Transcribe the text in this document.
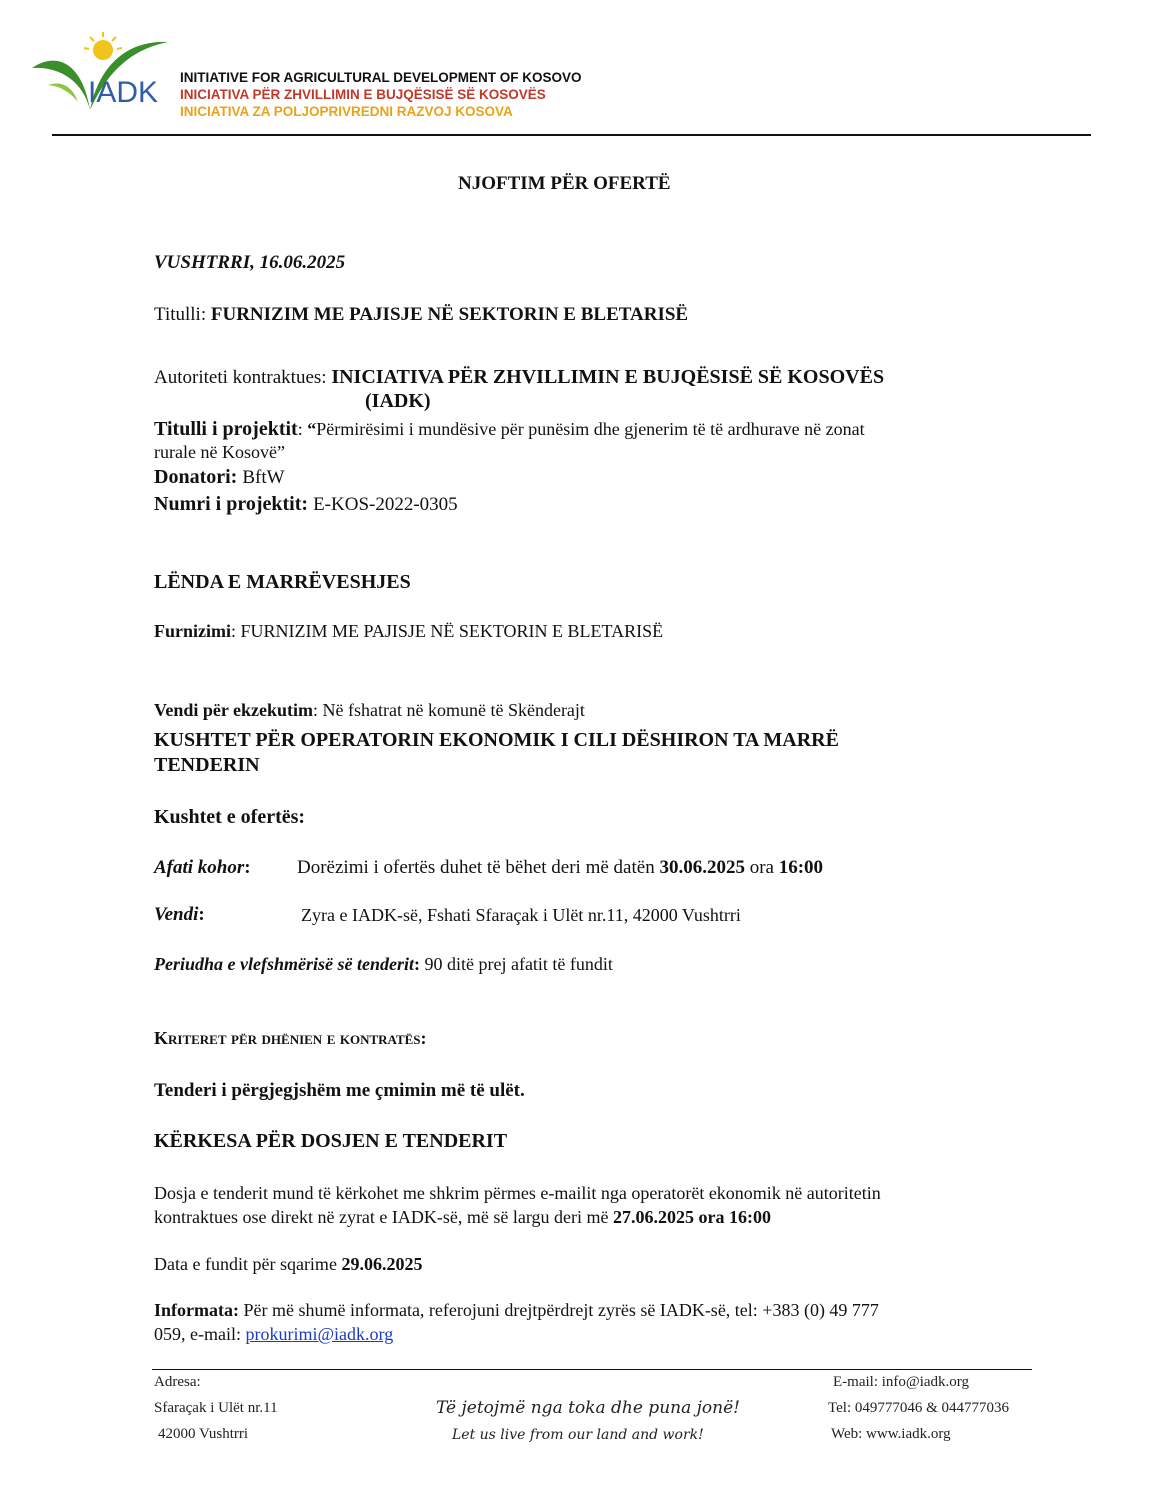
IADK INITIATIVE FOR AGRICULTURAL DEVELOPMENT OF KOSOVO
INICIATIVA PËR ZHVILLIMIN E BUJQËSISË SË KOSOVËS
INICIATIVA ZA POLJOPRIVREDNI RAZVOJ KOSOVA
NJOFTIM PËR OFERTË
VUSHTRRI, 16.06.2025
Titulli: FURNIZIM ME PAJISJE NË SEKTORIN E BLETARISË
Autoriteti kontraktues: INICIATIVA PËR ZHVILLIMIN E BUJQËSISË SË KOSOVËS
(IADK)
Titulli i projektit: “Përmirësimi i mundësive për punësim dhe gjenerim të të ardhurave në zonat
rurale në Kosovë”
Donatori: BftW
Numri i projektit: E-KOS-2022-0305
LËNDA E MARRËVESHJES
Furnizimi: FURNIZIM ME PAJISJE NË SEKTORIN E BLETARISË
Vendi për ekzekutim: Në fshatrat në komunë të Skënderajt
KUSHTET PËR OPERATORIN EKONOMIK I CILI DËSHIRON TA MARRË
TENDERIN
Kushtet e ofertës:
Afati kohor: Dorëzimi i ofertës duhet të bëhet deri më datën 30.06.2025 ora 16:00
Vendi:	Zyra e IADK-së, Fshati Sfaraçak i Ulët nr.11, 42000 Vushtrri
Periudha e vlefshmërisë së tenderit: 90 ditë prej afatit të fundit
Kriteret për dhënien e kontratës:
Tenderi i përgjegjshëm me çmimin më të ulët.
KËRKESA PËR DOSJEN E TENDERIT
Dosja e tenderit mund të kërkohet me shkrim përmes e-mailit nga operatorët ekonomik në autoritetin
kontraktues ose direkt në zyrat e IADK-së, më së largu deri më 27.06.2025 ora 16:00
Data e fundit për sqarime 29.06.2025
Informata: Për më shumë informata, referojuni drejtpërdrejt zyrës së IADK-së, tel: +383 (0) 49 777
059, e-mail: prokurimi@iadk.org
Adresa:
Sfaraçak i Ulët nr.11
42000 Vushtrri
Të jetojmë nga toka dhe puna jonë!
Let us live from our land and work!
E-mail: info@iadk.org
Tel: 049777046 & 044777036
Web: www.iadk.org
